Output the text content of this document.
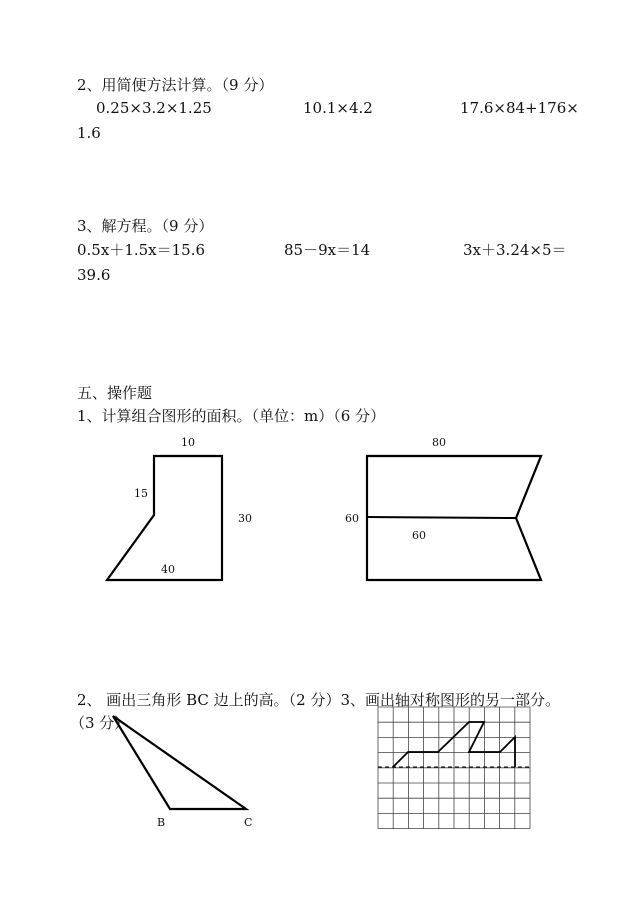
2、用简便方法计算。（9 分）
0.25×3.2×1.25	10.1×4.2	17.6×84+176×
1.6
3、解方程。（9 分）
0.5x＋1.5x＝15.6	85－9x＝14	3x＋3.24×5＝
39.6
五、操作题
1、计算组合图形的面积。（单位：m）（6 分）
10
15
30
40
80
60
60
2、 画出三角形 BC 边上的高。（2 分）3、画出轴对称图形的另一部分。
（3 分）
B	C
